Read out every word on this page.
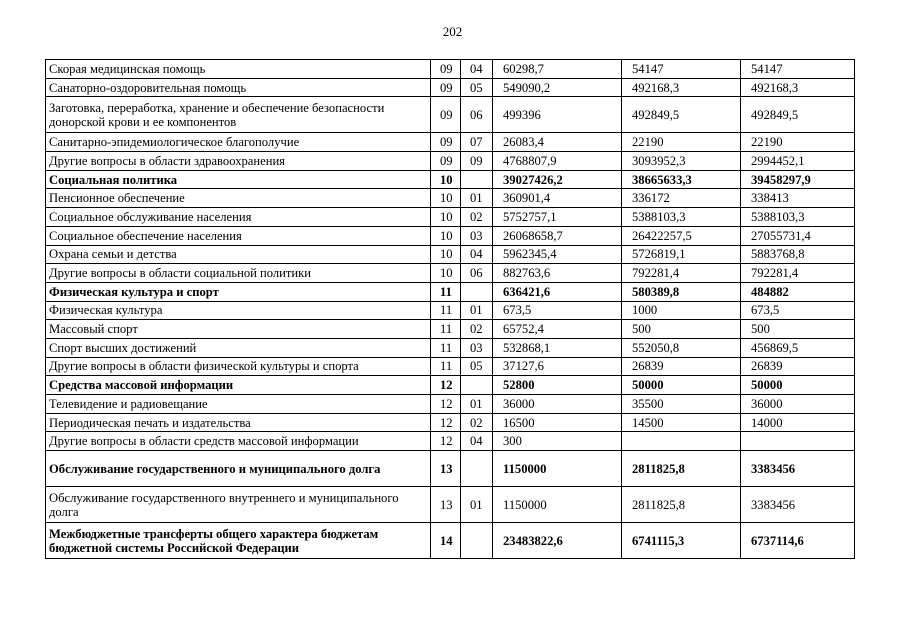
202
Скорая медицинская помощь	09	04	60298,7	54147	54147
Санаторно-оздоровительная помощь	09	05	549090,2	492168,3	492168,3
Заготовка, переработка, хранение и обеспечение безопасности донорской крови и ее компонентов	09	06	499396	492849,5	492849,5
Санитарно-эпидемиологическое благополучие	09	07	26083,4	22190	22190
Другие вопросы в области здравоохранения	09	09	4768807,9	3093952,3	2994452,1
Социальная политика	10		39027426,2	38665633,3	39458297,9
Пенсионное обеспечение	10	01	360901,4	336172	338413
Социальное обслуживание населения	10	02	5752757,1	5388103,3	5388103,3
Социальное обеспечение населения	10	03	26068658,7	26422257,5	27055731,4
Охрана семьи и детства	10	04	5962345,4	5726819,1	5883768,8
Другие вопросы в области социальной политики	10	06	882763,6	792281,4	792281,4
Физическая культура и спорт	11		636421,6	580389,8	484882
Физическая культура	11	01	673,5	1000	673,5
Массовый спорт	11	02	65752,4	500	500
Спорт высших достижений	11	03	532868,1	552050,8	456869,5
Другие вопросы в области физической культуры и спорта	11	05	37127,6	26839	26839
Средства массовой информации	12		52800	50000	50000
Телевидение и радиовещание	12	01	36000	35500	36000
Периодическая печать и издательства	12	02	16500	14500	14000
Другие вопросы в области средств массовой информации	12	04	300		
Обслуживание государственного и муниципального долга	13		1150000	2811825,8	3383456
Обслуживание государственного внутреннего и муниципального долга	13	01	1150000	2811825,8	3383456
Межбюджетные трансферты общего характера бюджетам бюджетной системы Российской Федерации	14		23483822,6	6741115,3	6737114,6
